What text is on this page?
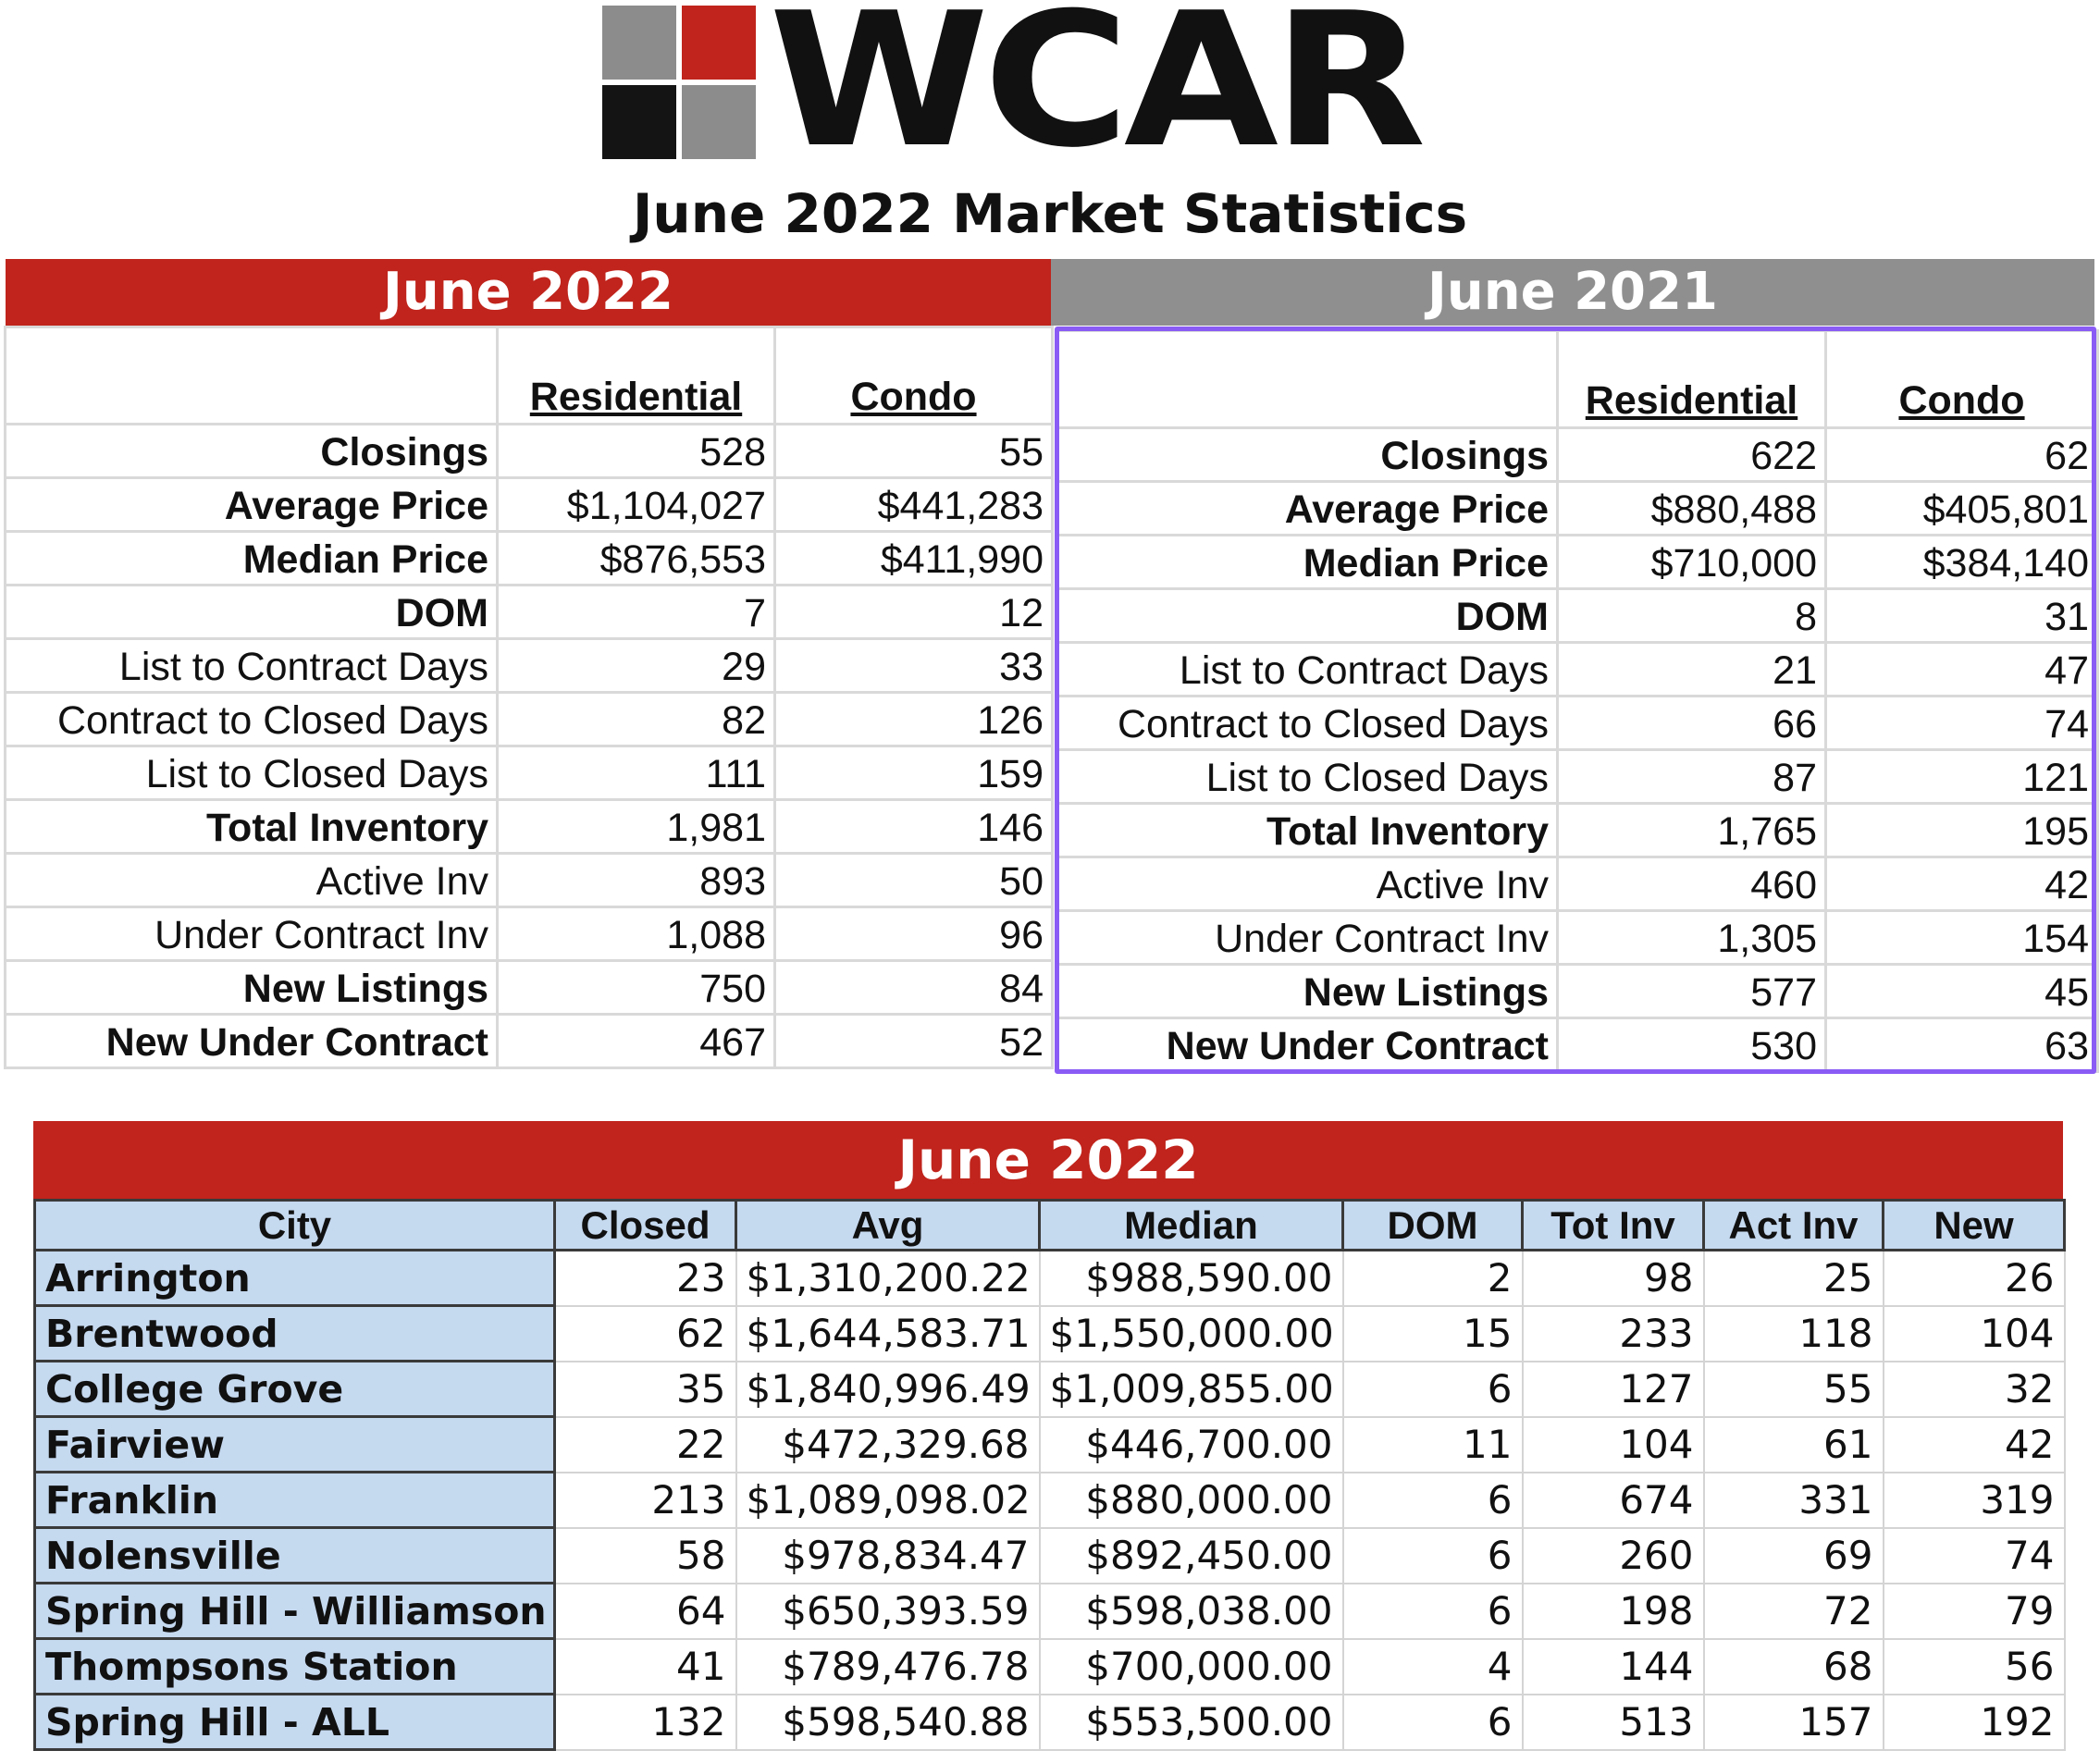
WCAR
June 2022 Market Statistics
June 2022	June 2021
	Residential	Condo
Closings	528	55
Average Price	$1,104,027	$441,283
Median Price	$876,553	$411,990
DOM	7	12
List to Contract Days	29	33
Contract to Closed Days	82	126
List to Closed Days	111	159
Total Inventory	1,981	146
Active Inv	893	50
Under Contract Inv	1,088	96
New Listings	750	84
New Under Contract	467	52
	Residential	Condo
Closings	622	62
Average Price	$880,488	$405,801
Median Price	$710,000	$384,140
DOM	8	31
List to Contract Days	21	47
Contract to Closed Days	66	74
List to Closed Days	87	121
Total Inventory	1,765	195
Active Inv	460	42
Under Contract Inv	1,305	154
New Listings	577	45
New Under Contract	530	63
June 2022
City	Closed	Avg	Median	DOM	Tot Inv	Act Inv	New
Arrington	23	$1,310,200.22	$988,590.00	2	98	25	26
Brentwood	62	$1,644,583.71	$1,550,000.00	15	233	118	104
College Grove	35	$1,840,996.49	$1,009,855.00	6	127	55	32
Fairview	22	$472,329.68	$446,700.00	11	104	61	42
Franklin	213	$1,089,098.02	$880,000.00	6	674	331	319
Nolensville	58	$978,834.47	$892,450.00	6	260	69	74
Spring Hill - Williamson	64	$650,393.59	$598,038.00	6	198	72	79
Thompsons Station	41	$789,476.78	$700,000.00	4	144	68	56
Spring Hill - ALL	132	$598,540.88	$553,500.00	6	513	157	192
